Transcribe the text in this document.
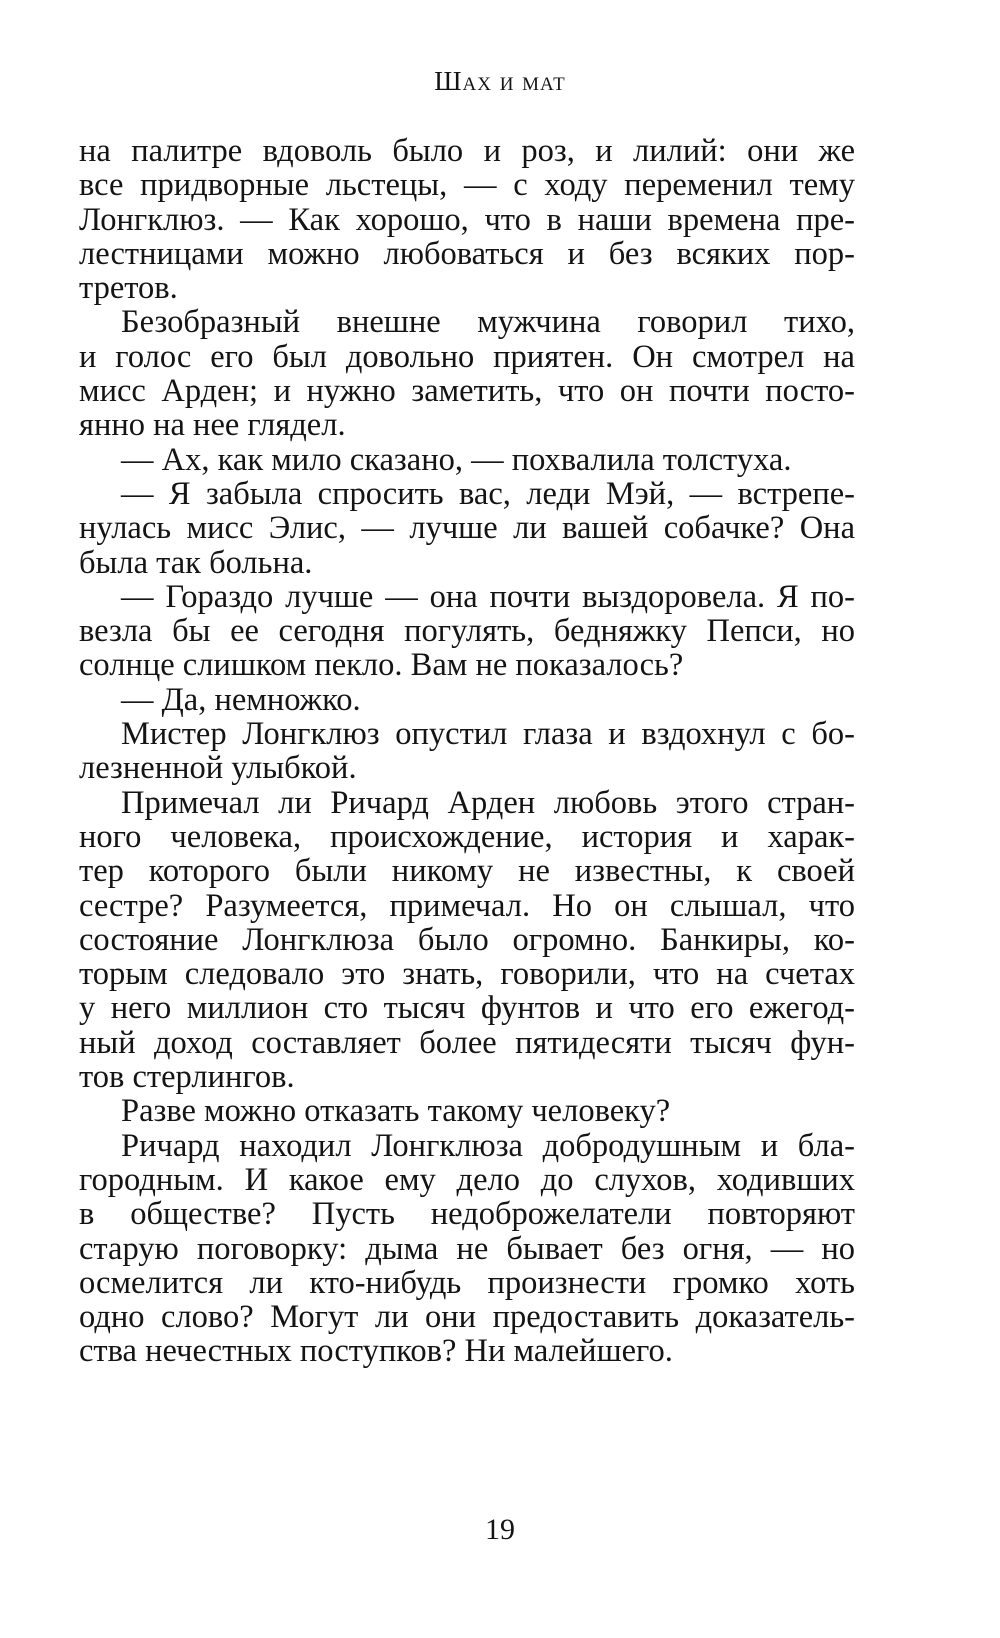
Шах и мат
на палитре вдоволь было и роз, и лилий: они же
все придворные льстецы, — с ходу переменил тему
Лонгклюз. — Как хорошо, что в наши времена пре-
лестницами можно любоваться и без всяких пор-
третов.
Безобразный внешне мужчина говорил тихо,
и голос его был довольно приятен. Он смотрел на
мисс Арден; и нужно заметить, что он почти посто-
янно на нее глядел.
— Ах, как мило сказано, — похвалила толстуха.
— Я забыла спросить вас, леди Мэй, — встрепе-
нулась мисс Элис, — лучше ли вашей собачке? Она
была так больна.
— Гораздо лучше — она почти выздоровела. Я по-
везла бы ее сегодня погулять, бедняжку Пепси, но
солнце слишком пекло. Вам не показалось?
— Да, немножко.
Мистер Лонгклюз опустил глаза и вздохнул с бо-
лезненной улыбкой.
Примечал ли Ричард Арден любовь этого стран-
ного человека, происхождение, история и харак-
тер которого были никому не известны, к своей
сестре? Разумеется, примечал. Но он слышал, что
состояние Лонгклюза было огромно. Банкиры, ко-
торым следовало это знать, говорили, что на счетах
у него миллион сто тысяч фунтов и что его ежегод-
ный доход составляет более пятидесяти тысяч фун-
тов стерлингов.
Разве можно отказать такому человеку?
Ричард находил Лонгклюза добродушным и бла-
городным. И какое ему дело до слухов, ходивших
в обществе? Пусть недоброжелатели повторяют
старую поговорку: дыма не бывает без огня, — но
осмелится ли кто-нибудь произнести громко хоть
одно слово? Могут ли они предоставить доказатель-
ства нечестных поступков? Ни малейшего.
19
